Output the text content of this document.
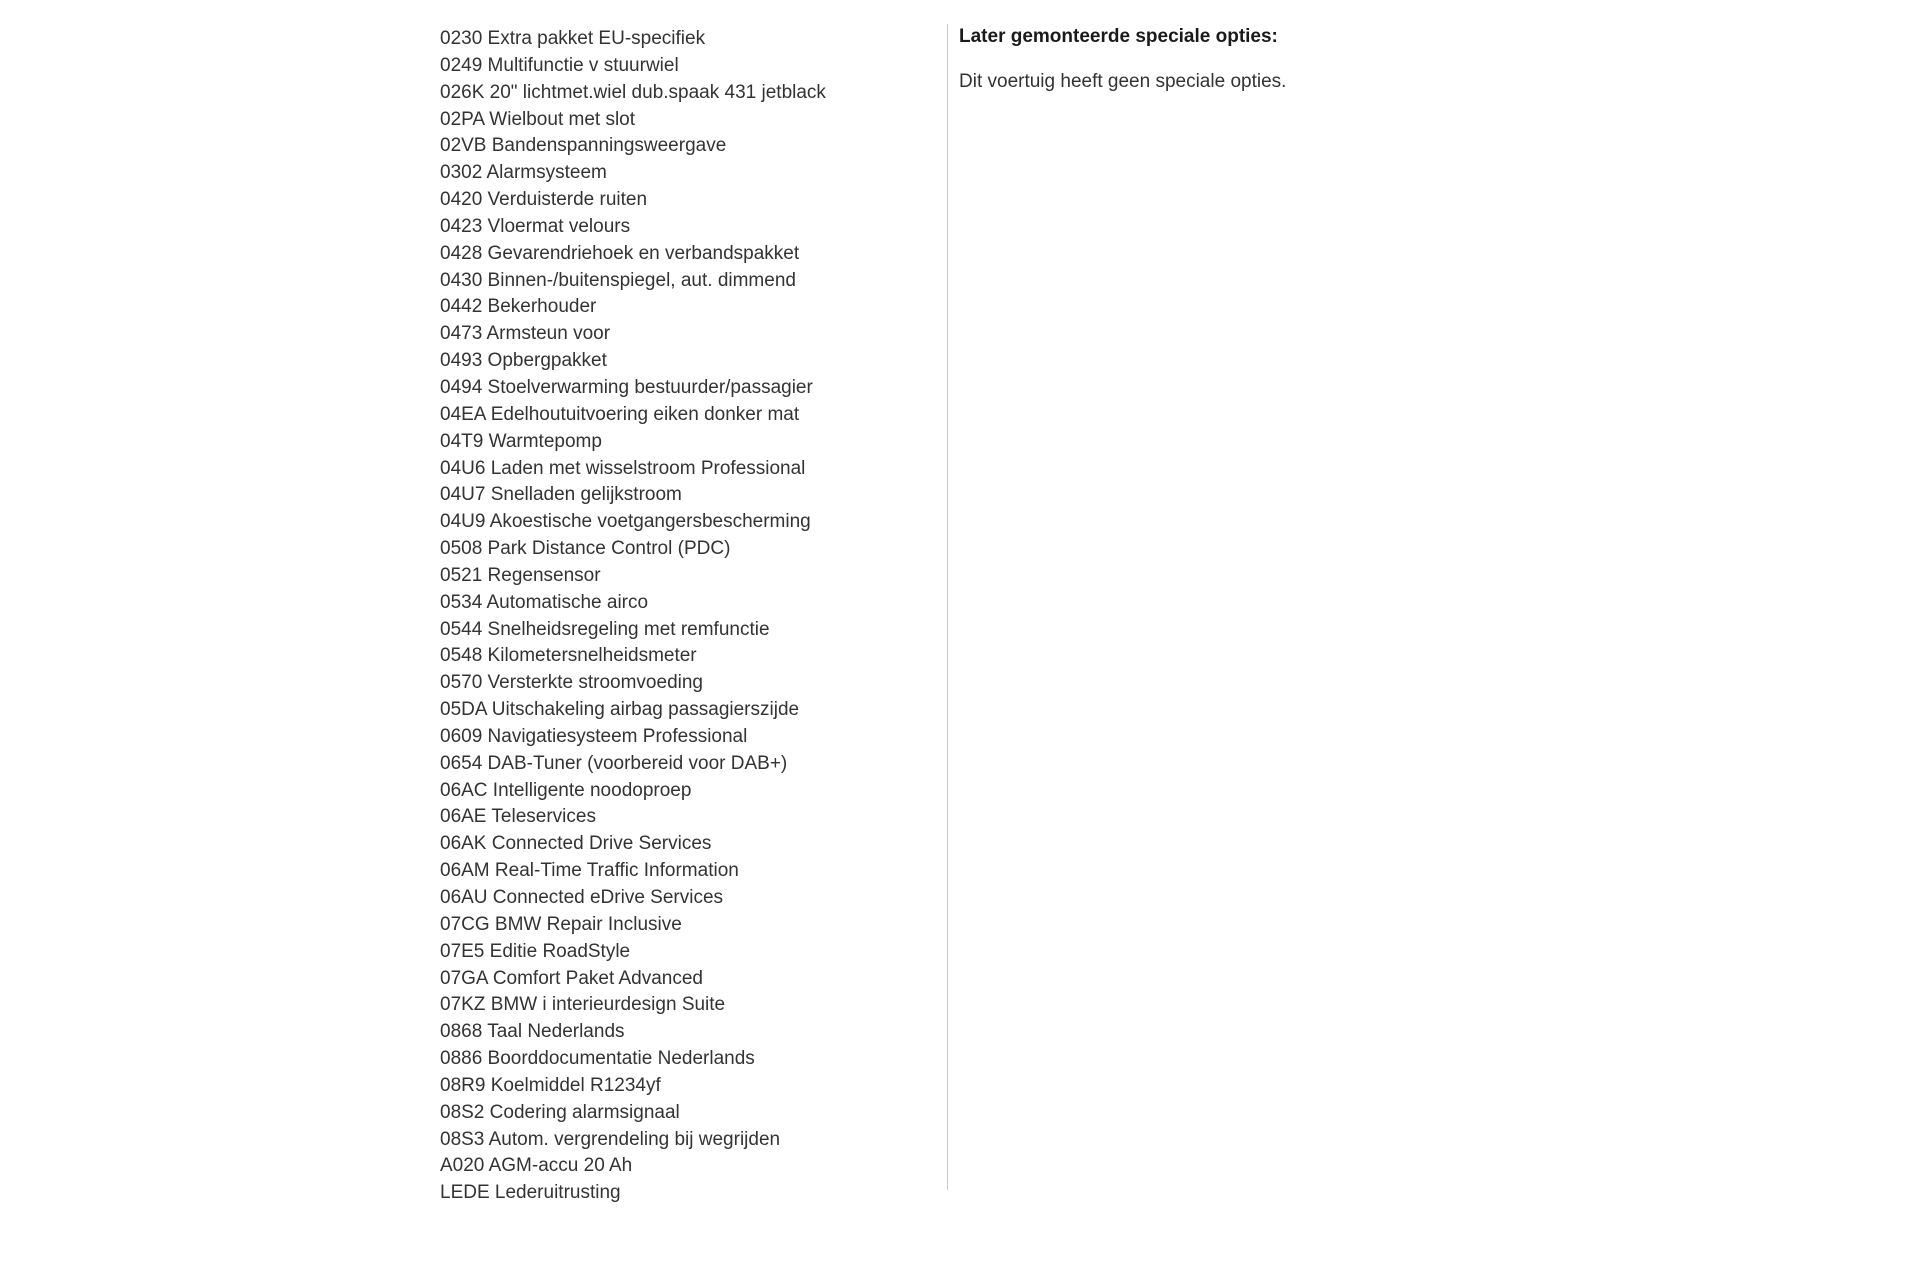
0230 Extra pakket EU-specifiek
0249 Multifunctie v stuurwiel
026K 20" lichtmet.wiel dub.spaak 431 jetblack
02PA Wielbout met slot
02VB Bandenspanningsweergave
0302 Alarmsysteem
0420 Verduisterde ruiten
0423 Vloermat velours
0428 Gevarendriehoek en verbandspakket
0430 Binnen-/buitenspiegel, aut. dimmend
0442 Bekerhouder
0473 Armsteun voor
0493 Opbergpakket
0494 Stoelverwarming bestuurder/passagier
04EA Edelhoutuitvoering eiken donker mat
04T9 Warmtepomp
04U6 Laden met wisselstroom Professional
04U7 Snelladen gelijkstroom
04U9 Akoestische voetgangersbescherming
0508 Park Distance Control (PDC)
0521 Regensensor
0534 Automatische airco
0544 Snelheidsregeling met remfunctie
0548 Kilometersnelheidsmeter
0570 Versterkte stroomvoeding
05DA Uitschakeling airbag passagierszijde
0609 Navigatiesysteem Professional
0654 DAB-Tuner (voorbereid voor DAB+)
06AC Intelligente noodoproep
06AE Teleservices
06AK Connected Drive Services
06AM Real-Time Traffic Information
06AU Connected eDrive Services
07CG BMW Repair Inclusive
07E5 Editie RoadStyle
07GA Comfort Paket Advanced
07KZ BMW i interieurdesign Suite
0868 Taal Nederlands
0886 Boorddocumentatie Nederlands
08R9 Koelmiddel R1234yf
08S2 Codering alarmsignaal
08S3 Autom. vergrendeling bij wegrijden
A020 AGM-accu 20 Ah
LEDE Lederuitrusting

Later gemonteerde speciale opties:

Dit voertuig heeft geen speciale opties.
